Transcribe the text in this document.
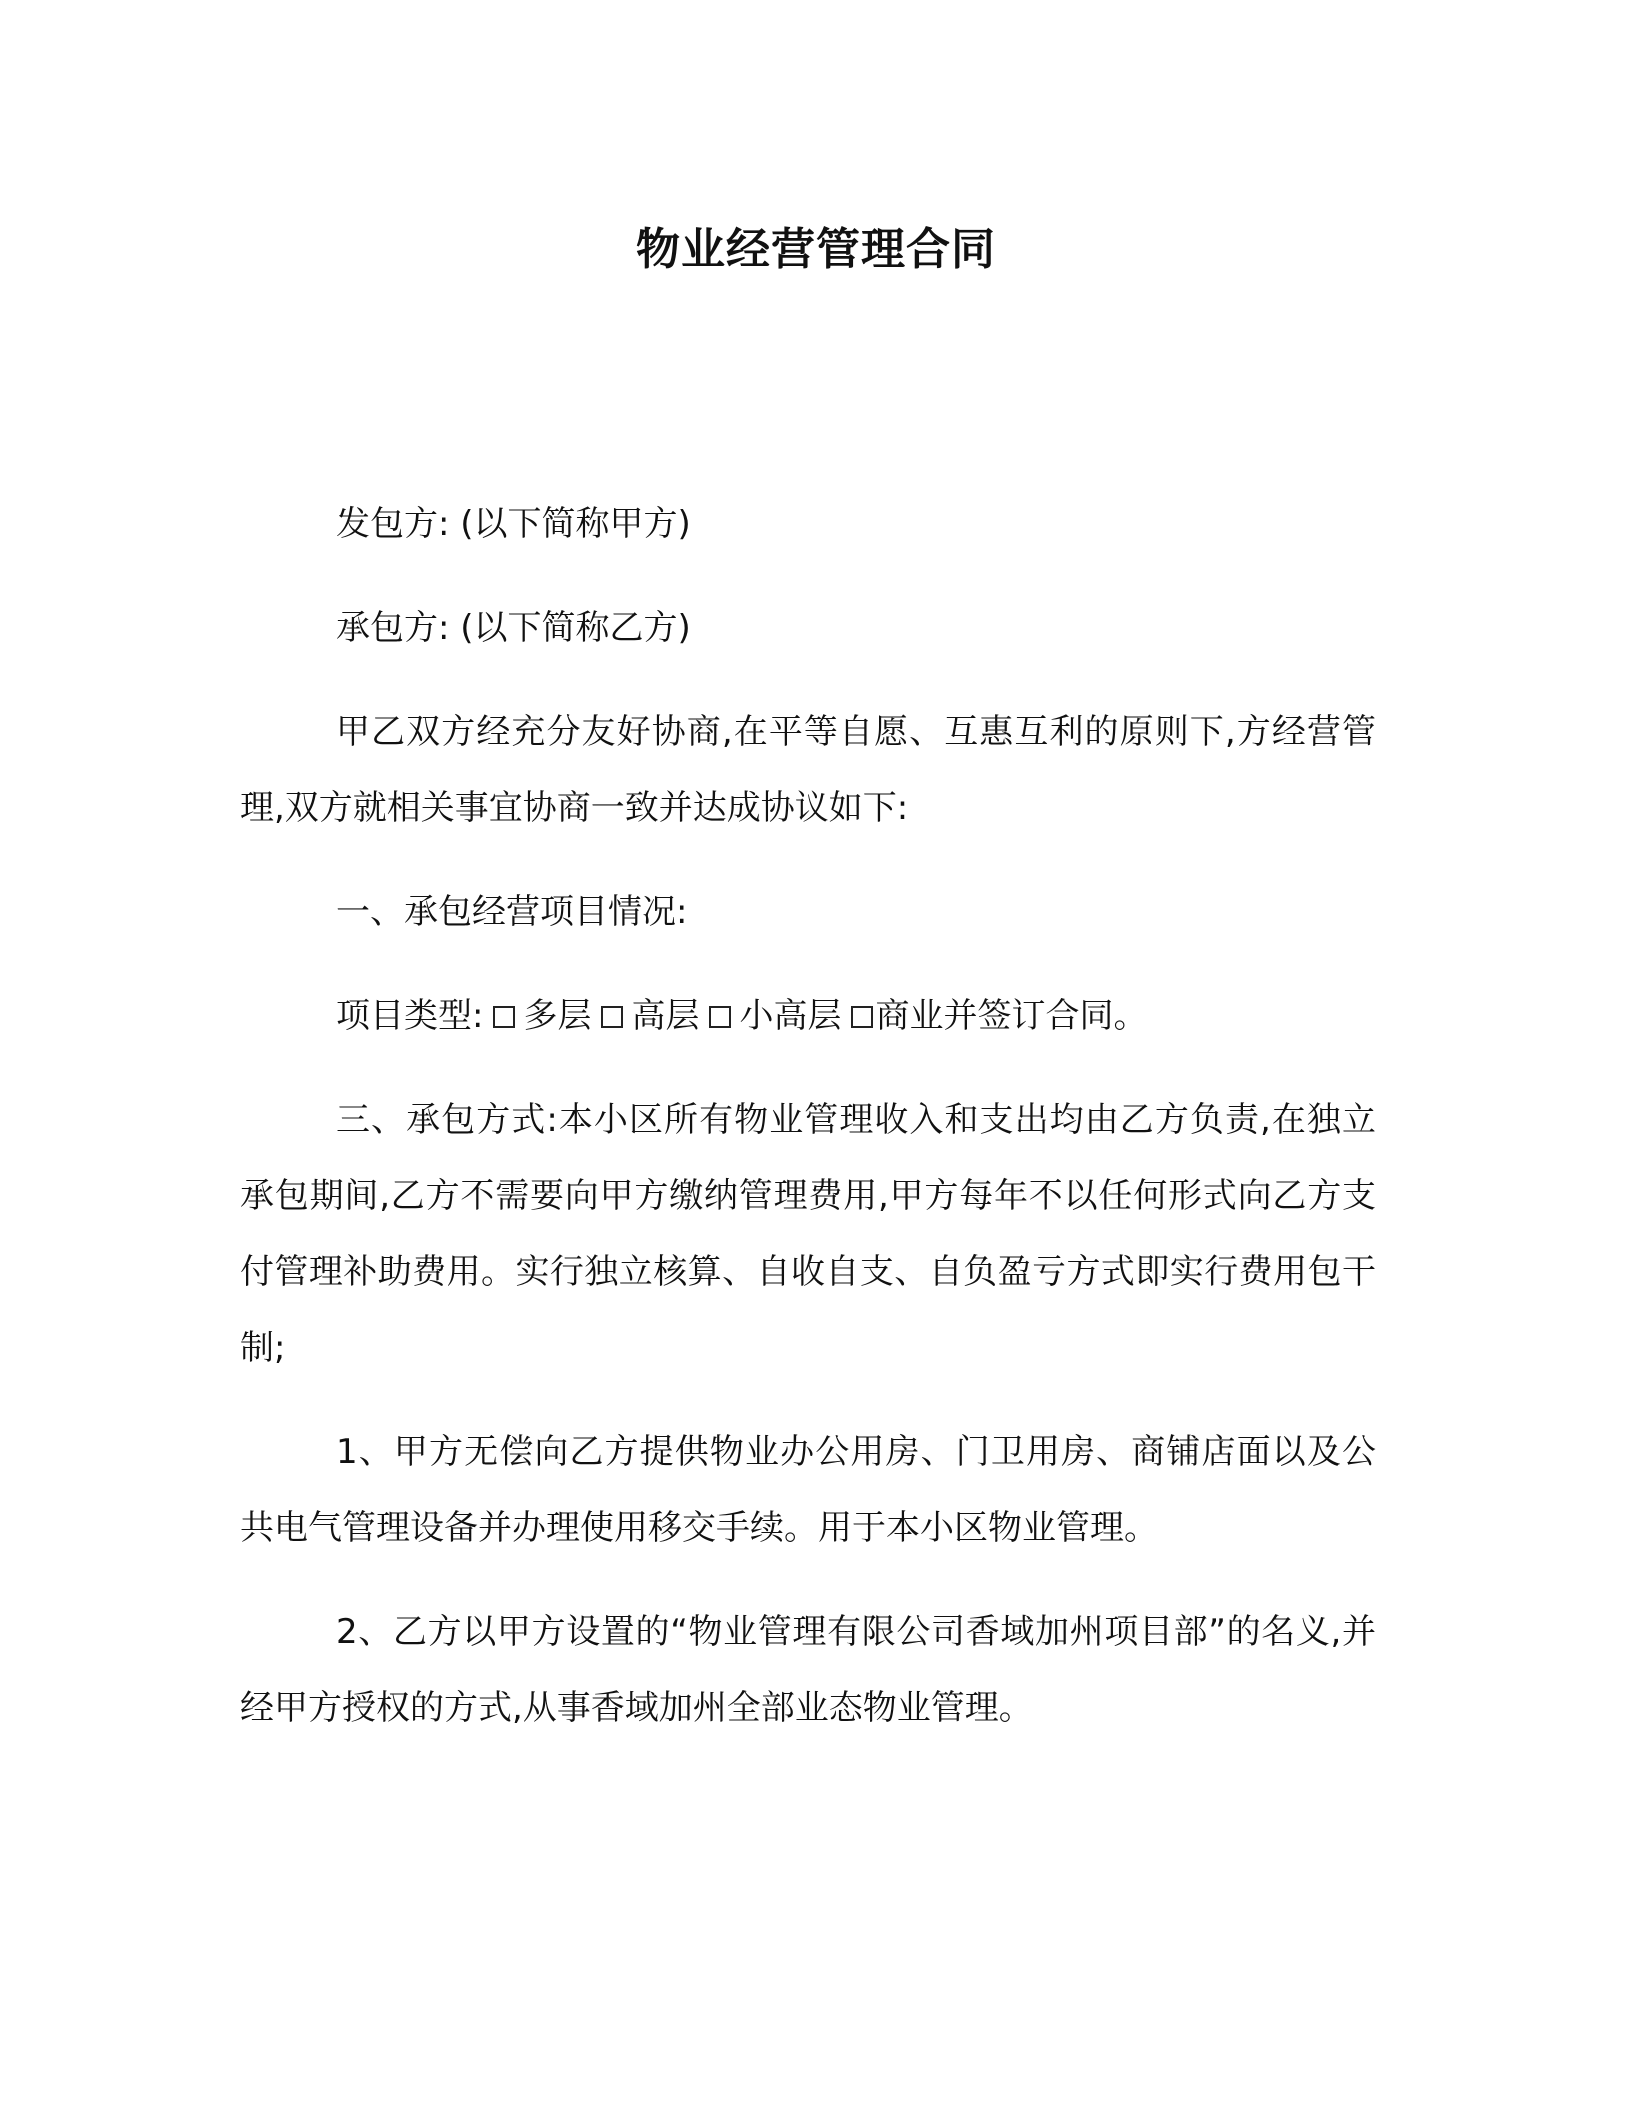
物业经营管理合同

发包方: (以下简称甲方)

承包方: (以下简称乙方)

甲乙双方经充分友好协商,在平等自愿、互惠互利的原则下,方经营管理,双方就相关事宜协商一致并达成协议如下:

一、承包经营项目情况:

项目类型: 多层 高层 小高层 商业并签订合同。

三、承包方式:本小区所有物业管理收入和支出均由乙方负责,在独立承包期间,乙方不需要向甲方缴纳管理费用,甲方每年不以任何形式向乙方支付管理补助费用。实行独立核算、自收自支、自负盈亏方式即实行费用包干制;

1、甲方无偿向乙方提供物业办公用房、门卫用房、商铺店面以及公共电气管理设备并办理使用移交手续。用于本小区物业管理。

2、乙方以甲方设置的“物业管理有限公司香域加州项目部”的名义,并经甲方授权的方式,从事香域加州全部业态物业管理。
